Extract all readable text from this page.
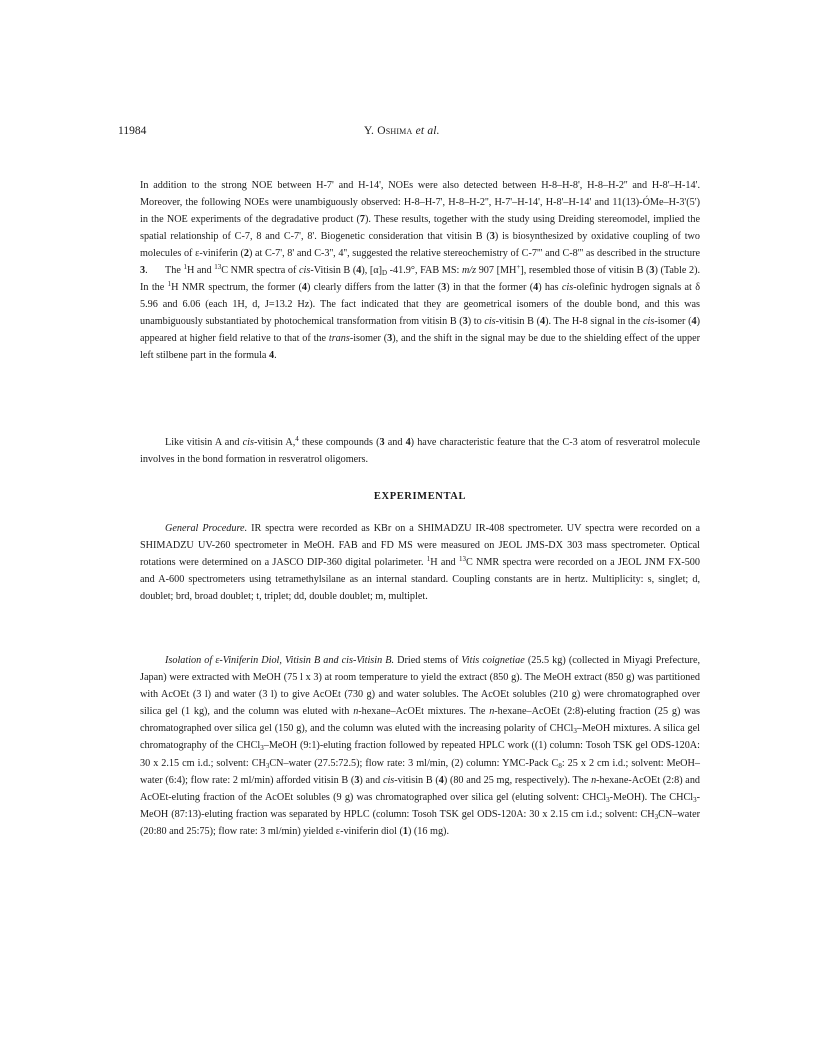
11984	Y. Oshima et al.

In addition to the strong NOE between H-7' and H-14', NOEs were also detected between H-8–H-8', H-8–H-2'' and H-8'–H-14'. Moreover, the following NOEs were unambiguously observed: H-8–H-7', H-8–H-2'', H-7'–H-14', H-8'–H-14' and 11(13)-ÓMe–H-3'(5') in the NOE experiments of the degradative product (7). These results, together with the study using Dreiding stereomodel, implied the spatial relationship of C-7, 8 and C-7', 8'. Biogenetic consideration that vitisin B (3) is biosynthesized by oxidative coupling of two molecules of ε-viniferin (2) at C-7', 8' and C-3'', 4'', suggested the relative stereochemistry of C-7''' and C-8''' as described in the structure 3.	The $^1$H and $^{13}$C NMR spectra of cis-Vitisin B (4), $[\alpha]_D$ -41.9°, FAB MS: m/z 907 [MH+], resembled those of vitisin B (3) (Table 2). In the $^1$H NMR spectrum, the former (4) clearly differs from the latter (3) in that the former (4) has cis-olefinic hydrogen signals at δ 5.96 and 6.06 (each 1H, d, J=13.2 Hz). The fact indicated that they are geometrical isomers of the double bond, and this was unambiguously substantiated by photochemical transformation from vitisin B (3) to cis-vitisin B (4). The H-8 signal in the cis-isomer (4) appeared at higher field relative to that of the trans-isomer (3), and the shift in the signal may be due to the shielding effect of the upper left stilbene part in the formula 4.

Like vitisin A and cis-vitisin A,$^4$ these compounds (3 and 4) have characteristic feature that the C-3 atom of resveratrol molecule involves in the bond formation in resveratrol oligomers.

EXPERIMENTAL

General Procedure. IR spectra were recorded as KBr on a SHIMADZU IR-408 spectrometer. UV spectra were recorded on a SHIMADZU UV-260 spectrometer in MeOH. FAB and FD MS were measured on JEOL JMS-DX 303 mass spectrometer. Optical rotations were determined on a JASCO DIP-360 digital polarimeter. $^1$H and $^{13}$C NMR spectra were recorded on a JEOL JNM FX-500 and A-600 spectrometers using tetramethylsilane as an internal standard. Coupling constants are in hertz. Multiplicity: s, singlet; d, doublet; brd, broad doublet; t, triplet; dd, double doublet; m, multiplet.

Isolation of ε-Viniferin Diol, Vitisin B and cis-Vitisin B. Dried stems of Vitis coignetiae (25.5 kg) (collected in Miyagi Prefecture, Japan) were extracted with MeOH (75 l x 3) at room temperature to yield the extract (850 g). The MeOH extract (850 g) was partitioned with AcOEt (3 l) and water (3 l) to give AcOEt (730 g) and water solubles. The AcOEt solubles (210 g) were chromatographed over silica gel (1 kg), and the column was eluted with n-hexane–AcOEt mixtures. The n-hexane–AcOEt (2:8)-eluting fraction (25 g) was chromatographed over silica gel (150 g), and the column was eluted with the increasing polarity of CHCl$_3$–MeOH mixtures. A silica gel chromatography of the CHCl$_3$–MeOH (9:1)-eluting fraction followed by repeated HPLC work ((1) column: Tosoh TSK gel ODS-120A: 30 x 2.15 cm i.d.; solvent: $CH_3CN$–water (27.5:72.5); flow rate: 3 ml/min, (2) column: YMC-Pack $C_8$: 25 x 2 cm i.d.; solvent: MeOH–water (6:4); flow rate: 2 ml/min) afforded vitisin B (3) and cis-vitisin B (4) (80 and 25 mg, respectively). The n-hexane-AcOEt (2:8) and AcOEt-eluting fraction of the AcOEt solubles (9 g) was chromatographed over silica gel (eluting solvent: CHCl$_3$-MeOH). The CHCl$_3$-MeOH (87:13)-eluting fraction was separated by HPLC (column: Tosoh TSK gel ODS-120A: 30 x 2.15 cm i.d.; solvent: $CH_3CN$–water (20:80 and 25:75); flow rate: 3 ml/min) yielded ε-viniferin diol (1) (16 mg).
